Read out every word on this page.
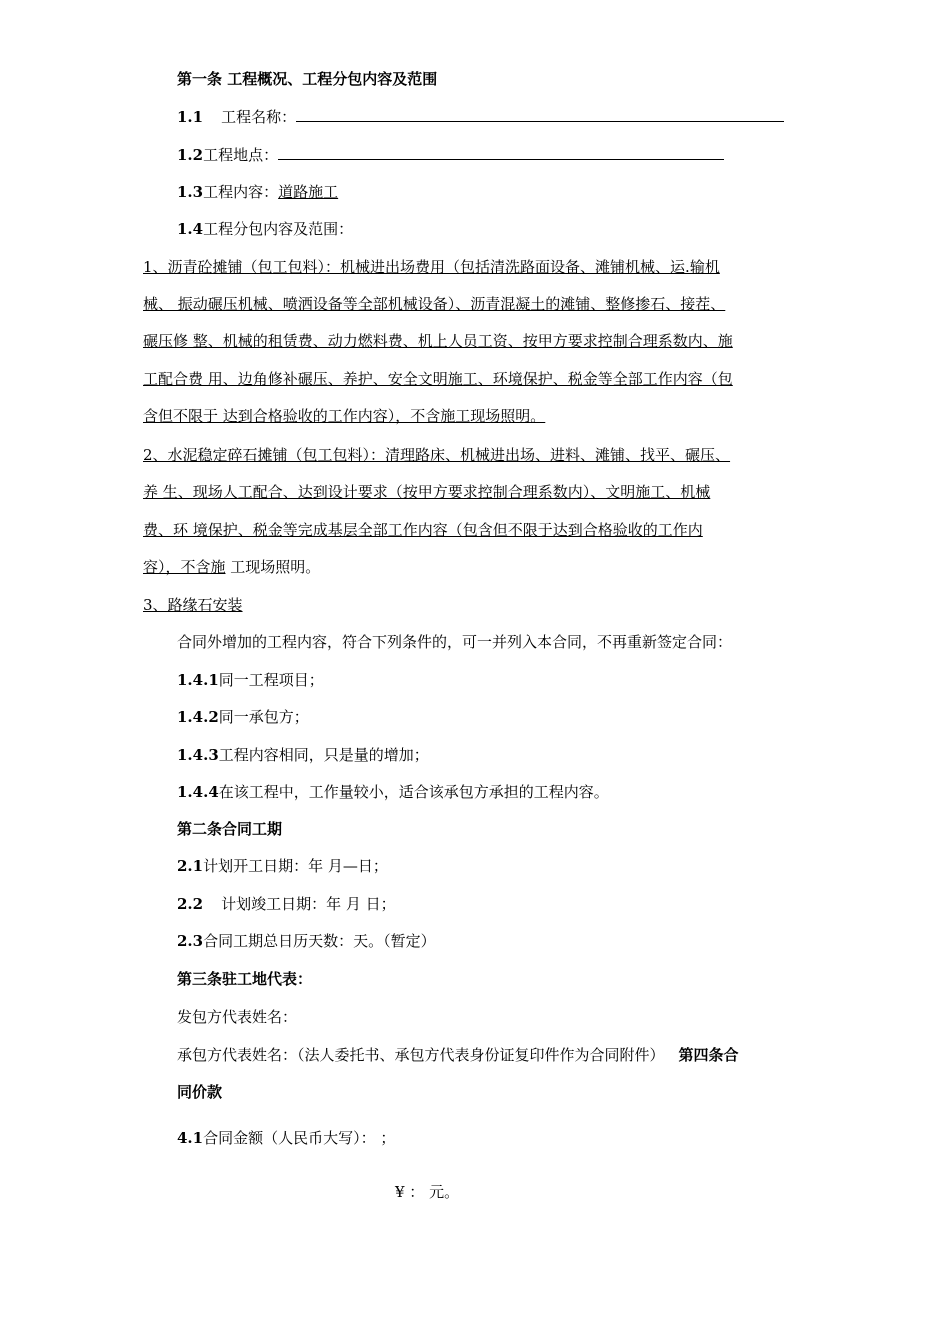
第一条 工程概况、工程分包内容及范围
1.1 工程名称：
1.2工程地点：
1.3工程内容：道路施工
1.4工程分包内容及范围：
1、沥青砼摊铺（包工包料）：机械进出场费用（包括清洗路面设备、滩铺机械、运.输机
械、 振动碾压机械、喷洒设备等全部机械设备）、沥青混凝土的滩铺、整修掺石、接茬、
碾压修 整、机械的租赁费、动力燃料费、机上人员工资、按甲方要求控制合理系数内、施
工配合费 用、边角修补碾压、养护、安全文明施工、环境保护、税金等全部工作内容（包
含但不限于 达到合格验收的工作内容），不含施工现场照明。
2、水泥稳定碎石摊铺（包工包料）：清理路床、机械进出场、进料、滩铺、找平、碾压、
养 生、现场人工配合、达到设计要求（按甲方要求控制合理系数内）、文明施工、机械
费、环 境保护、税金等完成基层全部工作内容（包含但不限于达到合格验收的工作内
容），不含施 工现场照明。
3、路缘石安装
合同外增加的工程内容，符合下列条件的，可一并列入本合同，不再重新签定合同：
1.4.1同一工程项目；
1.4.2同一承包方；
1.4.3工程内容相同，只是量的增加；
1.4.4在该工程中，工作量较小，适合该承包方承担的工程内容。
第二条合同工期
2.1计划开工日期：年 月—日；
2.2 计划竣工日期：年 月 日；
2.3合同工期总日历天数：天。（暂定）
第三条驻工地代表：
发包方代表姓名：
承包方代表姓名：（法人委托书、承包方代表身份证复印件作为合同附件） 第四条合
同价款
4.1合同金额（人民币大写）： ；
¥ ： 元。
